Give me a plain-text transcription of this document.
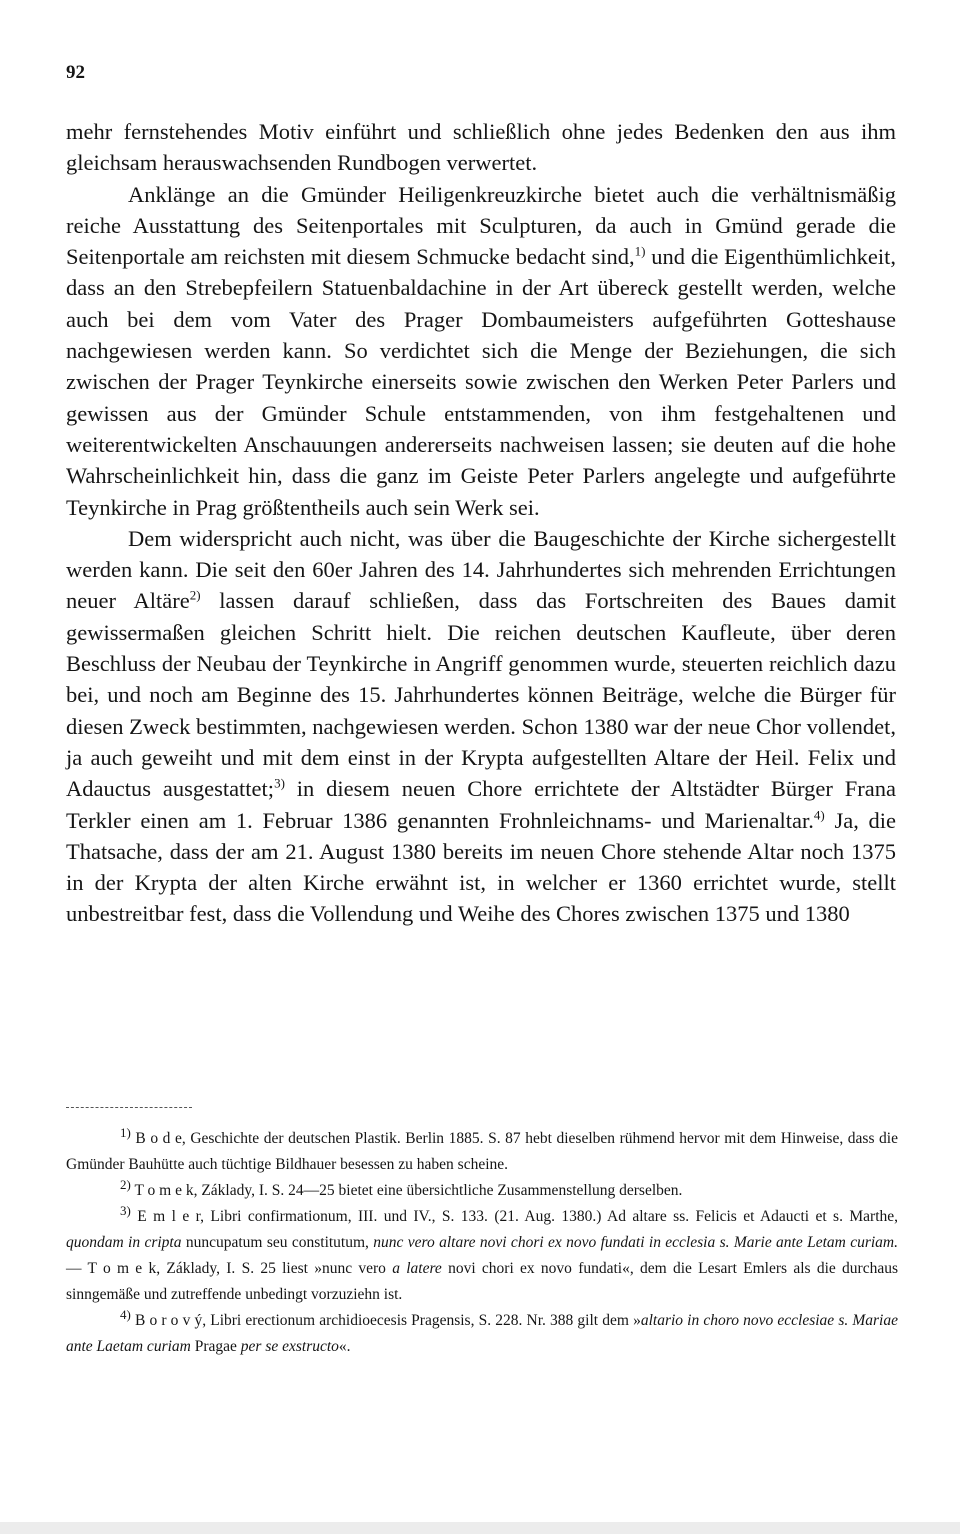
92

mehr fernstehendes Motiv einführt und schließlich ohne jedes Bedenken den aus ihm gleichsam herauswachsenden Rundbogen verwertet.

Anklänge an die Gmünder Heiligenkreuzkirche bietet auch die verhältnismäßig reiche Ausstattung des Seitenportales mit Sculpturen, da auch in Gmünd gerade die Seitenportale am reichsten mit diesem Schmucke bedacht sind,$^{1)}$ und die Eigenthümlichkeit, dass an den Strebepfeilern Statuenbaldachine in der Art übereck gestellt werden, welche auch bei dem vom Vater des Prager Dombaumeisters aufgeführten Gotteshause nachgewiesen werden kann. So verdichtet sich die Menge der Beziehungen, die sich zwischen der Prager Teynkirche einerseits sowie zwischen den Werken Peter Parlers und gewissen aus der Gmünder Schule entstammenden, von ihm festgehaltenen und weiterentwickelten Anschauungen andererseits nachweisen lassen; sie deuten auf die hohe Wahrscheinlichkeit hin, dass die ganz im Geiste Peter Parlers angelegte und aufgeführte Teynkirche in Prag größtentheils auch sein Werk sei.

Dem widerspricht auch nicht, was über die Baugeschichte der Kirche sichergestellt werden kann. Die seit den 60er Jahren des 14. Jahrhundertes sich mehrenden Errichtungen neuer Altäre$^{2)}$ lassen darauf schließen, dass das Fortschreiten des Baues damit gewissermaßen gleichen Schritt hielt. Die reichen deutschen Kaufleute, über deren Beschluss der Neubau der Teynkirche in Angriff genommen wurde, steuerten reichlich dazu bei, und noch am Beginne des 15. Jahrhundertes können Beiträge, welche die Bürger für diesen Zweck bestimmten, nachgewiesen werden. Schon 1380 war der neue Chor vollendet, ja auch geweiht und mit dem einst in der Krypta aufgestellten Altare der Heil. Felix und Adauctus ausgestattet;$^{3)}$ in diesem neuen Chore errichtete der Altstädter Bürger Frana Terkler einen am 1. Februar 1386 genannten Frohnleichnams- und Marienaltar.$^{4)}$ Ja, die Thatsache, dass der am 21. August 1380 bereits im neuen Chore stehende Altar noch 1375 in der Krypta der alten Kirche erwähnt ist, in welcher er 1360 errichtet wurde, stellt unbestreitbar fest, dass die Vollendung und Weihe des Chores zwischen 1375 und 1380

$^{1)}$ B o d e, Geschichte der deutschen Plastik. Berlin 1885. S. 87 hebt dieselben rühmend hervor mit dem Hinweise, dass die Gmünder Bauhütte auch tüchtige Bildhauer besessen zu haben scheine.

$^{2)}$ T o m e k, Základy, I. S. 24—25 bietet eine übersichtliche Zusammenstellung derselben.

$^{3)}$ E m l e r, Libri confirmationum, III. und IV., S. 133. (21. Aug. 1380.) Ad altare ss. Felicis et Adaucti et s. Marthe, quondam in cripta nuncupatum seu constitutum, nunc vero altare novi chori ex novo fundati in ecclesia s. Marie ante Letam curiam. — T o m e k, Základy, I. S. 25 liest »nunc vero a latere novi chori ex novo fundati«, dem die Lesart Emlers als die durchaus sinngemäße und zutreffende unbedingt vorzuziehn ist.

$^{4)}$ B o r o v ý, Libri erectionum archidioecesis Pragensis, S. 228. Nr. 388 gilt dem »altario in choro novo ecclesiae s. Mariae ante Laetam curiam Pragae per se exstructo«.
